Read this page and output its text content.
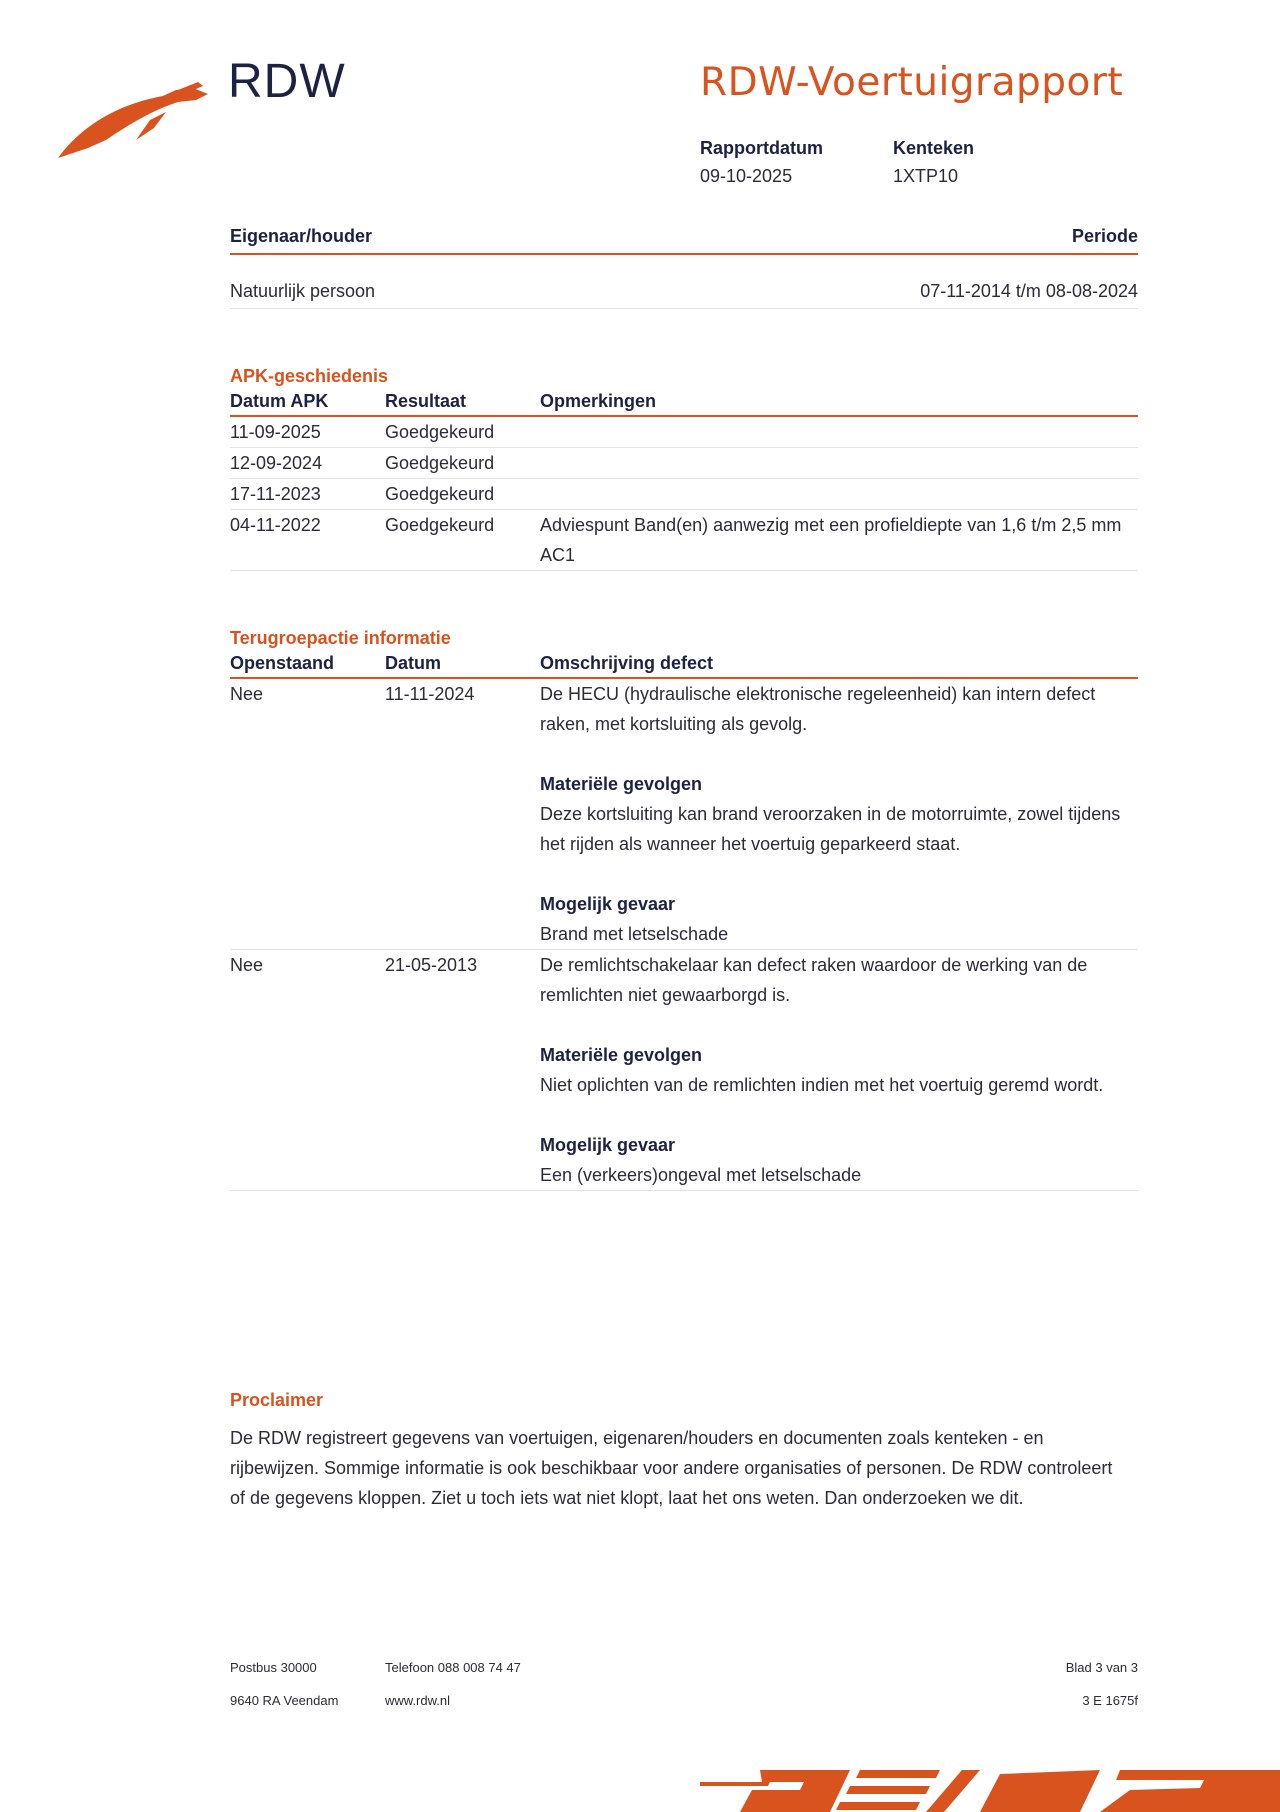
RDW	RDW-Voertuigrapport
Rapportdatum
09-10-2025
Kenteken
1XTP10
Eigenaar/houder	Periode
Natuurlijk persoon	07-11-2014 t/m 08-08-2024
APK-geschiedenis
Datum APK	Resultaat	Opmerkingen
11-09-2025	Goedgekeurd
12-09-2024	Goedgekeurd
17-11-2023	Goedgekeurd
04-11-2022	Goedgekeurd	Adviespunt Band(en) aanwezig met een profieldiepte van 1,6 t/m 2,5 mm AC1
Terugroepactie informatie
Openstaand	Datum	Omschrijving defect
Nee	11-11-2024	De HECU (hydraulische elektronische regeleenheid) kan intern defect raken, met kortsluiting als gevolg.
Materiële gevolgen
Deze kortsluiting kan brand veroorzaken in de motorruimte, zowel tijdens het rijden als wanneer het voertuig geparkeerd staat.
Mogelijk gevaar
Brand met letselschade
Nee	21-05-2013	De remlichtschakelaar kan defect raken waardoor de werking van de remlichten niet gewaarborgd is.
Materiële gevolgen
Niet oplichten van de remlichten indien met het voertuig geremd wordt.
Mogelijk gevaar
Een (verkeers)ongeval met letselschade
Proclaimer

De RDW registreert gegevens van voertuigen, eigenaren/houders en documenten zoals kenteken - en rijbewijzen. Sommige informatie is ook beschikbaar voor andere organisaties of personen. De RDW controleert of de gegevens kloppen. Ziet u toch iets wat niet klopt, laat het ons weten. Dan onderzoeken we dit.

Postbus 30000
9640 RA Veendam
Telefoon 088 008 74 47
www.rdw.nl
Blad 3 van 3
3 E 1675f
